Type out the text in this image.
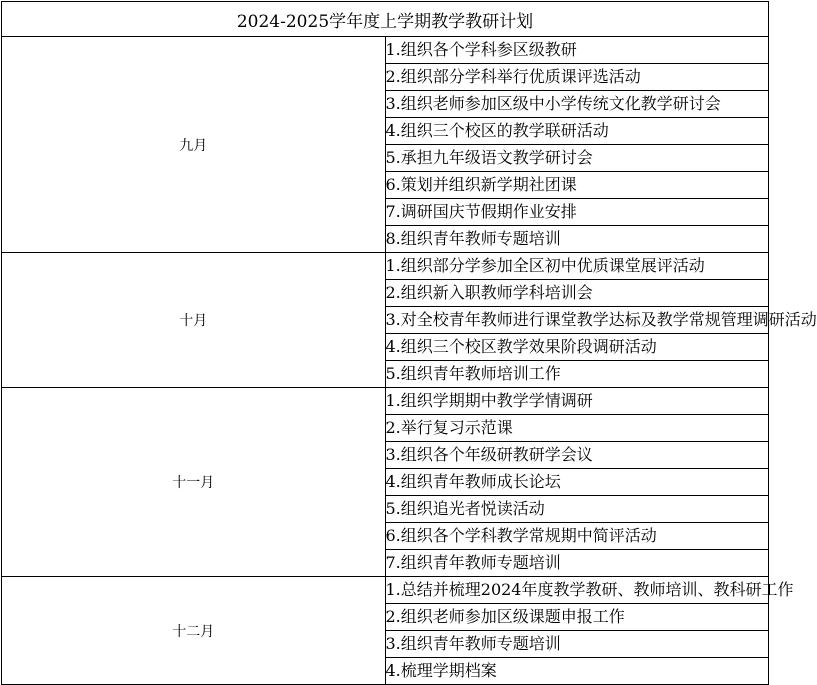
2024-2025学年度上学期教学教研计划	
九月	1.组织各个学科参区级教研
	2.组织部分学科举行优质课评选活动
	3.组织老师参加区级中小学传统文化教学研讨会
	4.组织三个校区的教学联研活动
	5.承担九年级语文教学研讨会
	6.策划并组织新学期社团课
	7.调研国庆节假期作业安排
	8.组织青年教师专题培训
十月	1.组织部分学参加全区初中优质课堂展评活动
	2.组织新入职教师学科培训会
	3.对全校青年教师进行课堂教学达标及教学常规管理调研活动
	4.组织三个校区教学效果阶段调研活动
	5.组织青年教师培训工作
十一月	1.组织学期期中教学学情调研
	2.举行复习示范课
	3.组织各个年级研教研学会议
	4.组织青年教师成长论坛
	5.组织追光者悦读活动
	6.组织各个学科教学常规期中简评活动
	7.组织青年教师专题培训
十二月	1.总结并梳理2024年度教学教研、教师培训、教科研工作
	2.组织老师参加区级课题申报工作
	3.组织青年教师专题培训
	4.梳理学期档案
